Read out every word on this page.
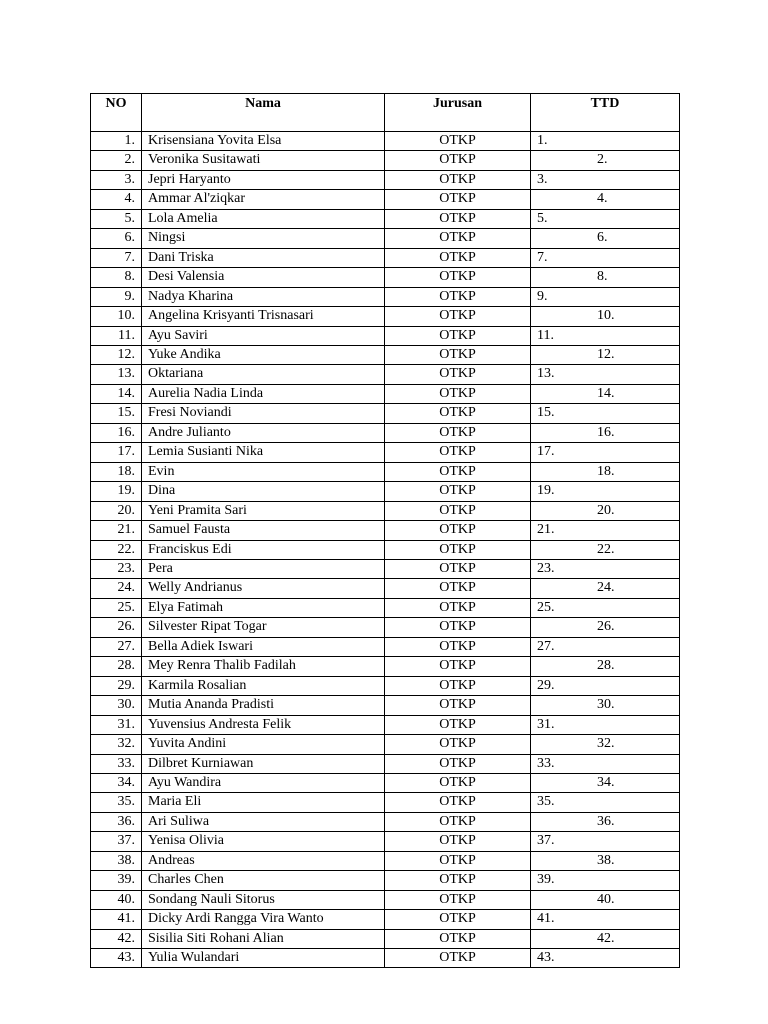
NO	Nama	Jurusan	TTD
1.	Krisensiana Yovita Elsa	OTKP	1.
2.	Veronika Susitawati	OTKP	2.
3.	Jepri Haryanto	OTKP	3.
4.	Ammar Al'ziqkar	OTKP	4.
5.	Lola Amelia	OTKP	5.
6.	Ningsi	OTKP	6.
7.	Dani Triska	OTKP	7.
8.	Desi Valensia	OTKP	8.
9.	Nadya Kharina	OTKP	9.
10.	Angelina Krisyanti Trisnasari	OTKP	10.
11.	Ayu Saviri	OTKP	11.
12.	Yuke Andika	OTKP	12.
13.	Oktariana	OTKP	13.
14.	Aurelia Nadia Linda	OTKP	14.
15.	Fresi Noviandi	OTKP	15.
16.	Andre Julianto	OTKP	16.
17.	Lemia Susianti Nika	OTKP	17.
18.	Evin	OTKP	18.
19.	Dina	OTKP	19.
20.	Yeni Pramita Sari	OTKP	20.
21.	Samuel Fausta	OTKP	21.
22.	Franciskus Edi	OTKP	22.
23.	Pera	OTKP	23.
24.	Welly Andrianus	OTKP	24.
25.	Elya Fatimah	OTKP	25.
26.	Silvester Ripat Togar	OTKP	26.
27.	Bella Adiek Iswari	OTKP	27.
28.	Mey Renra Thalib Fadilah	OTKP	28.
29.	Karmila Rosalian	OTKP	29.
30.	Mutia Ananda Pradisti	OTKP	30.
31.	Yuvensius Andresta Felik	OTKP	31.
32.	Yuvita Andini	OTKP	32.
33.	Dilbret Kurniawan	OTKP	33.
34.	Ayu Wandira	OTKP	34.
35.	Maria Eli	OTKP	35.
36.	Ari Suliwa	OTKP	36.
37.	Yenisa Olivia	OTKP	37.
38.	Andreas	OTKP	38.
39.	Charles Chen	OTKP	39.
40.	Sondang Nauli Sitorus	OTKP	40.
41.	Dicky Ardi Rangga Vira Wanto	OTKP	41.
42.	Sisilia Siti Rohani Alian	OTKP	42.
43.	Yulia Wulandari	OTKP	43.
